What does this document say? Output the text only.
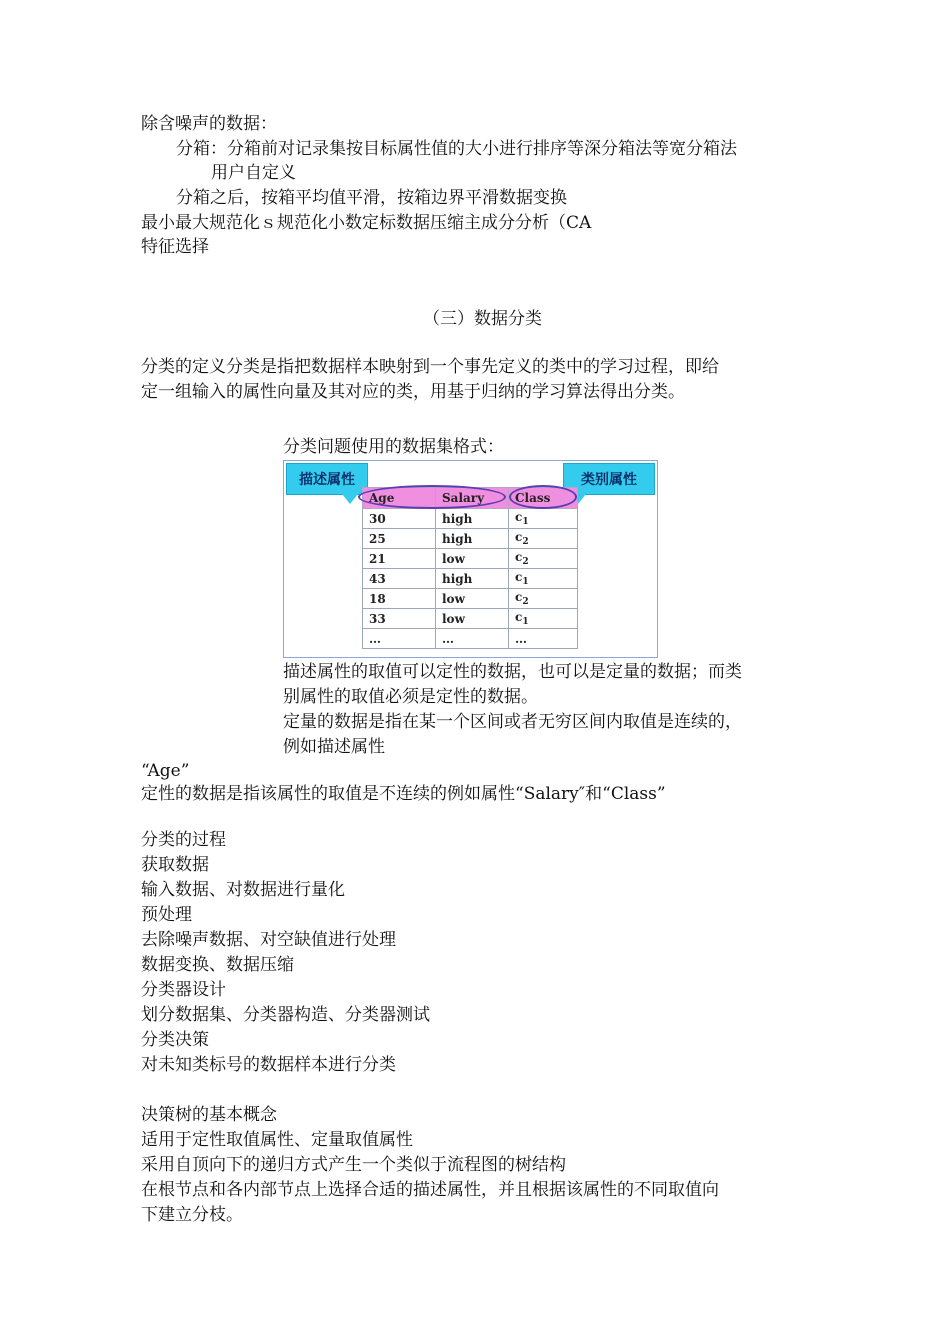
除含噪声的数据：
分箱：分箱前对记录集按目标属性值的大小进行排序等深分箱法等宽分箱法
用户自定义
分箱之后，按箱平均值平滑，按箱边界平滑数据变换
最小最大规范化ｓ规范化小数定标数据压缩主成分分析（CA
特征选择
（三）数据分类
分类的定义分类是指把数据样本映射到一个事先定义的类中的学习过程，即给
定一组输入的属性向量及其对应的类，用基于归纳的学习算法得出分类。
分类问题使用的数据集格式：
描述属性	类别属性
Age	Salary	Class
30	high	$c_1$
25	high	$c_2$
21	low	$c_2$
43	high	$c_1$
18	low	$c_2$
33	low	$c_1$
…	…	…
描述属性的取值可以定性的数据，也可以是定量的数据；而类
别属性的取值必须是定性的数据。
定量的数据是指在某一个区间或者无穷区间内取值是连续的，
例如描述属性
“Age”
定性的数据是指该属性的取值是不连续的例如属性“Salary″和“Class”
分类的过程
获取数据
输入数据、对数据进行量化
预处理
去除噪声数据、对空缺值进行处理
数据变换、数据压缩
分类器设计
划分数据集、分类器构造、分类器测试
分类决策
对未知类标号的数据样本进行分类
决策树的基本概念
适用于定性取值属性、定量取值属性
采用自顶向下的递归方式产生一个类似于流程图的树结构
在根节点和各内部节点上选择合适的描述属性，并且根据该属性的不同取值向
下建立分枝。
